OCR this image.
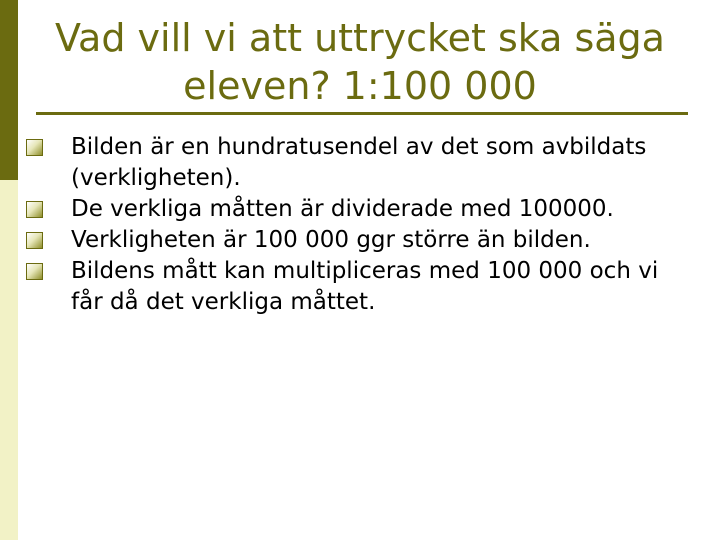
Vad vill vi att uttrycket ska säga
eleven? 1:100 000
Bilden är en hundratusendel av det som avbildats (verkligheten).
De verkliga måtten är dividerade med 100000.
Verkligheten är 100 000 ggr större än bilden.
Bildens mått kan multipliceras med 100 000 och vi får då det verkliga måttet.
